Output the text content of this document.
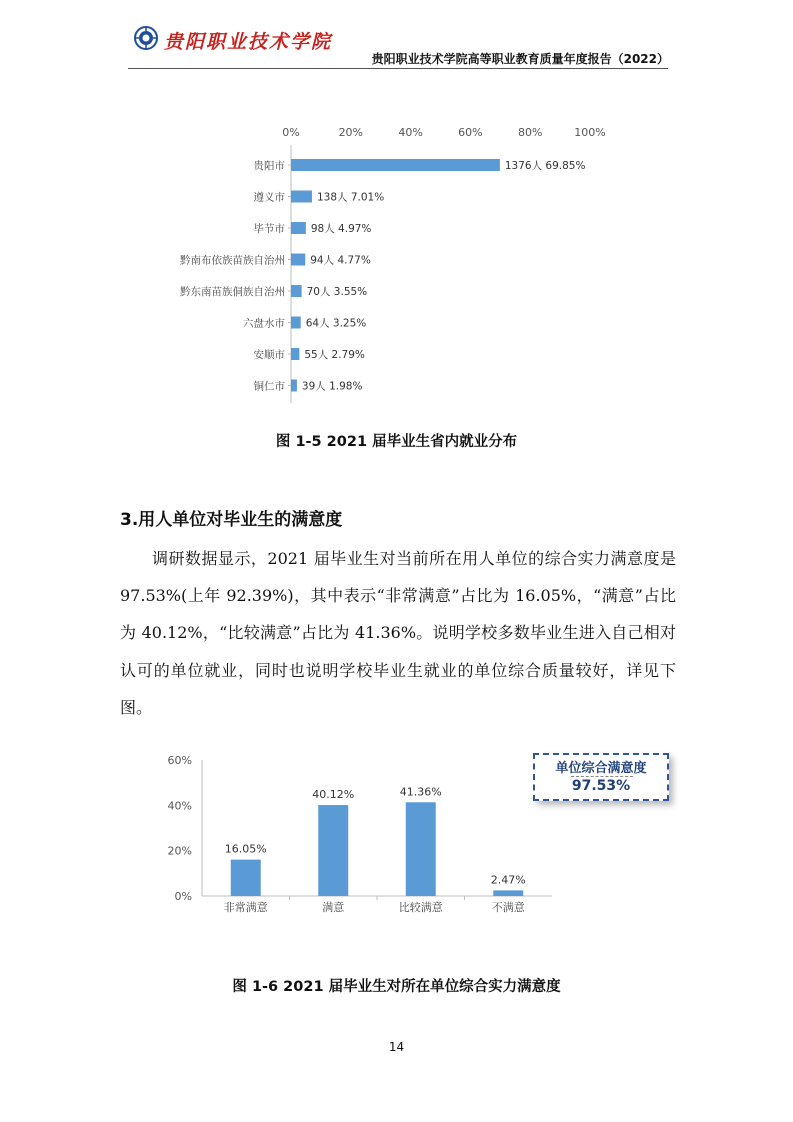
贵阳职业技术学院
贵阳职业技术学院高等职业教育质量年度报告（2022）
0%	20%	40%	60%	80%	100%
贵阳市	1376人 69.85%
遵义市	138人 7.01%
毕节市 98人 4.97%
黔南布依族苗族自治州 94人 4.77%
黔东南苗族侗族自治州 70人 3.55%
六盘水市 64人 3.25%
安顺市 55人 2.79%
铜仁市 39人 1.98%
图 1-5 2021 届毕业生省内就业分布
3.用人单位对毕业生的满意度
调研数据显示，2021 届毕业生对当前所在用人单位的综合实力满意度是 97.53%(上年 92.39%)，其中表示“非常满意”占比为 16.05%，“满意”占比为 40.12%，“比较满意”占比为 41.36%。说明学校多数毕业生进入自己相对认可的单位就业，同时也说明学校毕业生就业的单位综合质量较好，详见下图。
0%
20%
40%
60%
16.05%
非常满意
40.12%
满意
41.36%
比较满意
2.47%
不满意
单位综合满意度
97.53%
图 1-6 2021 届毕业生对所在单位综合实力满意度
14
